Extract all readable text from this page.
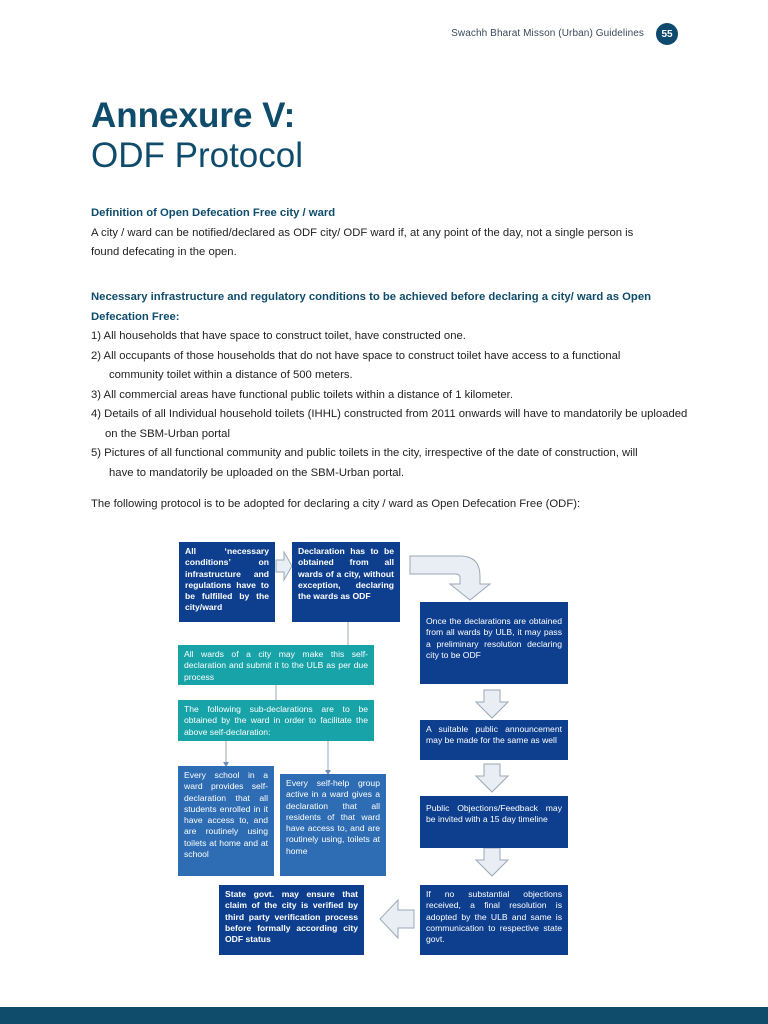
Swachh Bharat Misson (Urban) Guidelines	55
Annexure V:
ODF Protocol
Definition of Open Defecation Free city / ward
A city / ward can be notified/declared as ODF city/ ODF ward if, at any point of the day, not a single person is found defecating in the open.
Necessary infrastructure and regulatory conditions to be achieved before declaring a city/ ward as Open Defecation Free:
1) All households that have space to construct toilet, have constructed one.
2) All occupants of those households that do not have space to construct toilet have access to a functional community toilet within a distance of 500 meters.
3) All commercial areas have functional public toilets within a distance of 1 kilometer.
4) Details of all Individual household toilets (IHHL) constructed from 2011 onwards will have to mandatorily be uploaded on the SBM-Urban portal
5) Pictures of all functional community and public toilets in the city, irrespective of the date of construction, will have to mandatorily be uploaded on the SBM-Urban portal.
The following protocol is to be adopted for declaring a city / ward as Open Defecation Free (ODF):
All ‘necessary conditions’ on infrastructure and regulations have to be fulfilled by the city/ward
Declaration has to be obtained from all wards of a city, without exception, declaring the wards as ODF
Once the declarations are obtained from all wards by ULB, it may pass a preliminary resolution declaring city to be ODF
All wards of a city may make this self-declaration and submit it to the ULB as per due process
The following sub-declarations are to be obtained by the ward in order to facilitate the above self-declaration:	A suitable public announcement may be made for the same as well
Every school in a ward provides self-declaration that all students enrolled in it have access to, and are routinely using toilets at home and at school
Every self-help group active in a ward gives a declaration that all residents of that ward have access to, and are routinely using, toilets at home
Public Objections/Feedback may be invited with a 15 day timeline
State govt. may ensure that claim of the city is verified by third party verification process before formally according city ODF status
If no substantial objections received, a final resolution is adopted by the ULB and same is communication to respective state govt.
